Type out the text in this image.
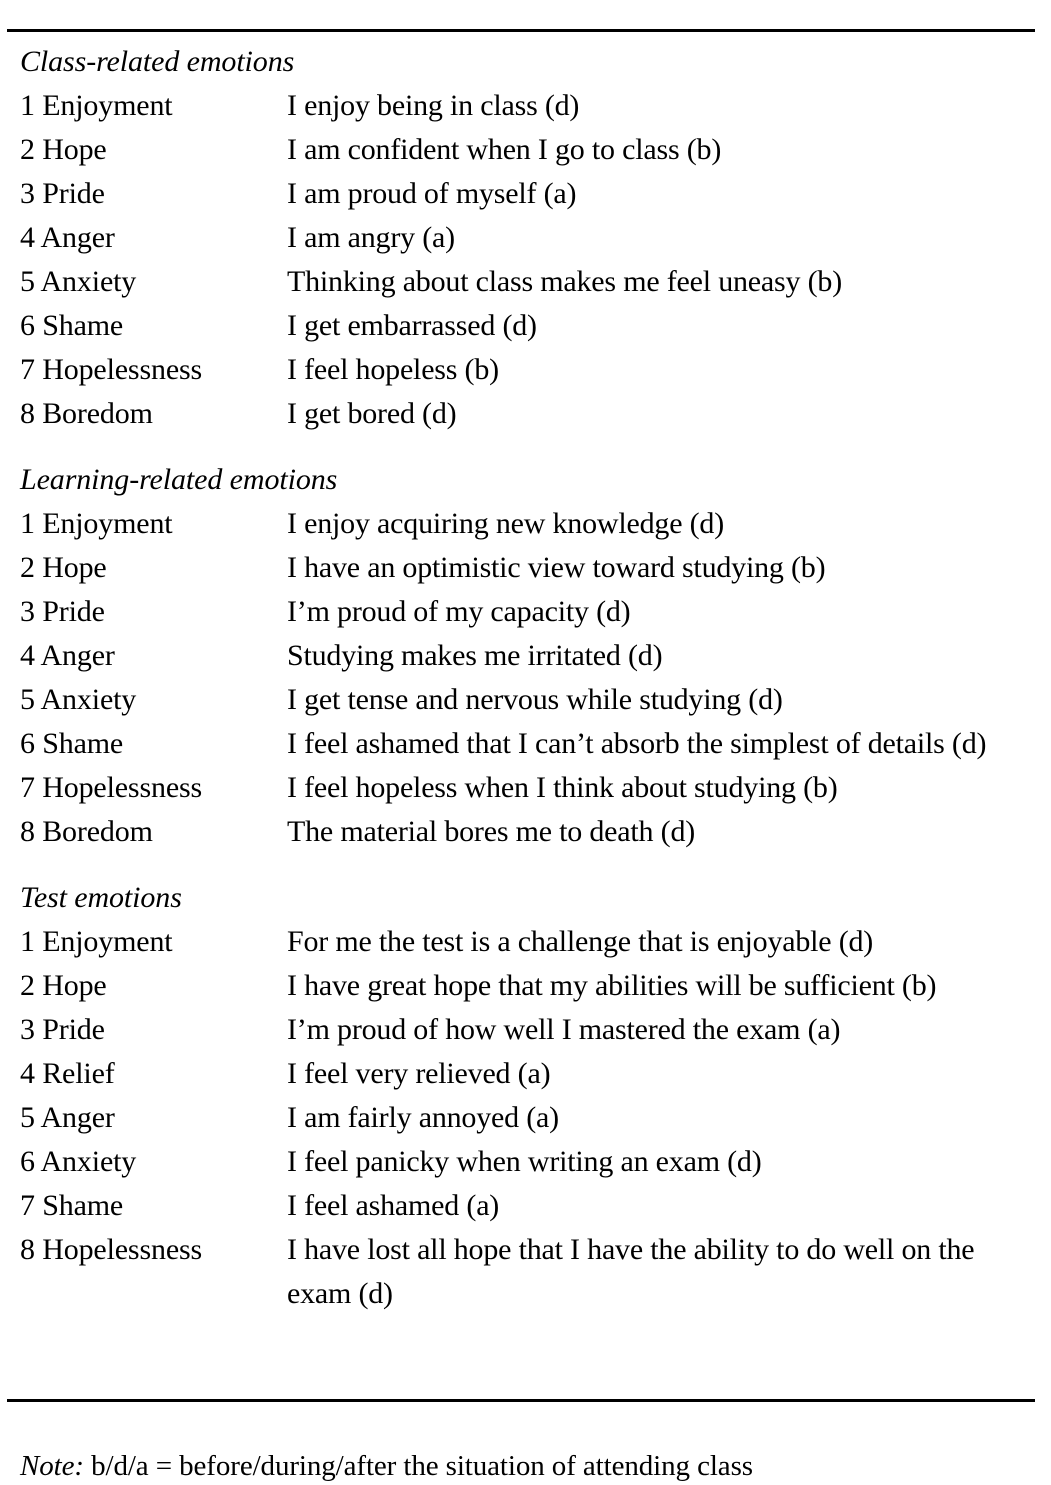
Class-related emotions
1 Enjoyment	I enjoy being in class (d)
2 Hope	I am confident when I go to class (b)
3 Pride	I am proud of myself (a)
4 Anger	I am angry (a)
5 Anxiety	Thinking about class makes me feel uneasy (b)
6 Shame	I get embarrassed (d)
7 Hopelessness	I feel hopeless (b)
8 Boredom	I get bored (d)
Learning-related emotions
1 Enjoyment	I enjoy acquiring new knowledge (d)
2 Hope	I have an optimistic view toward studying (b)
3 Pride	I’m proud of my capacity (d)
4 Anger	Studying makes me irritated (d)
5 Anxiety	I get tense and nervous while studying (d)
6 Shame	I feel ashamed that I can’t absorb the simplest of details (d)
7 Hopelessness	I feel hopeless when I think about studying (b)
8 Boredom	The material bores me to death (d)
Test emotions
1 Enjoyment	For me the test is a challenge that is enjoyable (d)
2 Hope	I have great hope that my abilities will be sufficient (b)
3 Pride	I’m proud of how well I mastered the exam (a)
4 Relief	I feel very relieved (a)
5 Anger	I am fairly annoyed (a)
6 Anxiety	I feel panicky when writing an exam (d)
7 Shame	I feel ashamed (a)
8 Hopelessness	I have lost all hope that I have the ability to do well on the exam (d)
Note: b/d/a = before/during/after the situation of attending class
